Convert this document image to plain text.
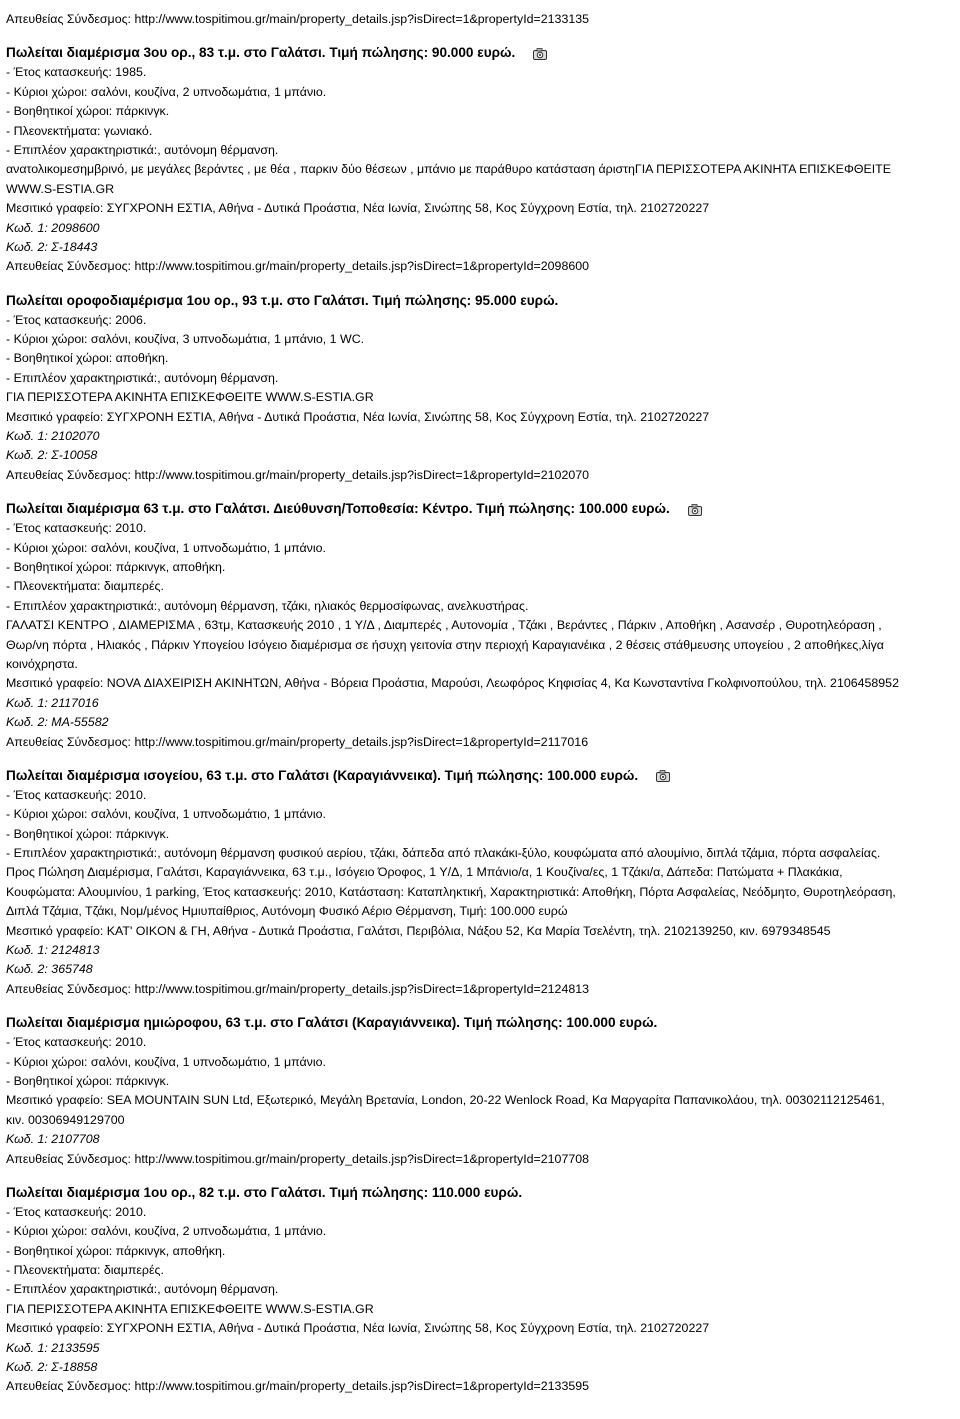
Απευθείας Σύνδεσμος: http://www.tospitimou.gr/main/property_details.jsp?isDirect=1&propertyId=2133135
Πωλείται διαμέρισμα 3ου ορ., 83 τ.μ. στο Γαλάτσι. Τιμή πώλησης: 90.000 ευρώ.
- Έτος κατασκευής: 1985.
- Κύριοι χώροι: σαλόνι, κουζίνα, 2 υπνοδωμάτια, 1 μπάνιο.
- Βοηθητικοί χώροι: πάρκινγκ.
- Πλεονεκτήματα: γωνιακό.
- Επιπλέον χαρακτηριστικά:, αυτόνομη θέρμανση.
ανατολικομεσημβρινό, με μεγάλες βεράντες , με θέα , παρκιν δύο θέσεων , μπάνιο με παράθυρο κατάσταση άριστηΓΙΑ ΠΕΡΙΣΣΟΤΕΡΑ ΑΚΙΝΗΤΑ ΕΠΙΣΚΕΦΘΕΙΤΕ
WWW.S-ESTIA.GR
Μεσιτικό γραφείο: ΣΥΓΧΡΟΝΗ ΕΣΤΙΑ, Αθήνα - Δυτικά Προάστια, Νέα Ιωνία, Σινώπης 58, Κος Σύγχρονη Εστία, τηλ. 2102720227
Κωδ. 1: 2098600
Κωδ. 2: Σ-18443
Απευθείας Σύνδεσμος: http://www.tospitimou.gr/main/property_details.jsp?isDirect=1&propertyId=2098600
Πωλείται οροφοδιαμέρισμα 1ου ορ., 93 τ.μ. στο Γαλάτσι. Τιμή πώλησης: 95.000 ευρώ.
- Έτος κατασκευής: 2006.
- Κύριοι χώροι: σαλόνι, κουζίνα, 3 υπνοδωμάτια, 1 μπάνιο, 1 WC.
- Βοηθητικοί χώροι: αποθήκη.
- Επιπλέον χαρακτηριστικά:, αυτόνομη θέρμανση.
ΓΙΑ ΠΕΡΙΣΣΟΤΕΡΑ ΑΚΙΝΗΤΑ ΕΠΙΣΚΕΦΘΕΙΤΕ WWW.S-ESTIA.GR
Μεσιτικό γραφείο: ΣΥΓΧΡΟΝΗ ΕΣΤΙΑ, Αθήνα - Δυτικά Προάστια, Νέα Ιωνία, Σινώπης 58, Κος Σύγχρονη Εστία, τηλ. 2102720227
Κωδ. 1: 2102070
Κωδ. 2: Σ-10058
Απευθείας Σύνδεσμος: http://www.tospitimou.gr/main/property_details.jsp?isDirect=1&propertyId=2102070
Πωλείται διαμέρισμα 63 τ.μ. στο Γαλάτσι. Διεύθυνση/Τοποθεσία: Κέντρο. Τιμή πώλησης: 100.000 ευρώ.
- Έτος κατασκευής: 2010.
- Κύριοι χώροι: σαλόνι, κουζίνα, 1 υπνοδωμάτιο, 1 μπάνιο.
- Βοηθητικοί χώροι: πάρκινγκ, αποθήκη.
- Πλεονεκτήματα: διαμπερές.
- Επιπλέον χαρακτηριστικά:, αυτόνομη θέρμανση, τζάκι, ηλιακός θερμοσίφωνας, ανελκυστήρας.
ΓΑΛΑΤΣΙ ΚΕΝΤΡΟ , ΔΙΑΜΕΡΙΣΜΑ , 63τμ, Κατασκευής 2010 , 1 Υ/Δ , Διαμπερές , Αυτονομία , Τζάκι , Βεράντες , Πάρκιν , Αποθήκη , Ασανσέρ , Θυροτηλεόραση ,
Θωρ/νη πόρτα , Ηλιακός , Πάρκιν Υπογείου Ισόγειο διαμέρισμα σε ήσυχη γειτονία στην περιοχή Καραγιανέικα , 2 θέσεις στάθμευσης υπογείου , 2 αποθήκες,λίγα
κοινόχρηστα.
Μεσιτικό γραφείο: NOVA ΔΙΑΧΕΙΡΙΣΗ ΑΚΙΝΗΤΩΝ, Αθήνα - Βόρεια Προάστια, Μαρούσι, Λεωφόρος Κηφισίας 4, Κα Κωνσταντίνα Γκολφινοπούλου, τηλ. 2106458952
Κωδ. 1: 2117016
Κωδ. 2: ΜΑ-55582
Απευθείας Σύνδεσμος: http://www.tospitimou.gr/main/property_details.jsp?isDirect=1&propertyId=2117016
Πωλείται διαμέρισμα ισογείου, 63 τ.μ. στο Γαλάτσι (Καραγιάννεικα). Τιμή πώλησης: 100.000 ευρώ.
- Έτος κατασκευής: 2010.
- Κύριοι χώροι: σαλόνι, κουζίνα, 1 υπνοδωμάτιο, 1 μπάνιο.
- Βοηθητικοί χώροι: πάρκινγκ.
- Επιπλέον χαρακτηριστικά:, αυτόνομη θέρμανση φυσικού αερίου, τζάκι, δάπεδα από πλακάκι-ξύλο, κουφώματα από αλουμίνιο, διπλά τζάμια, πόρτα ασφαλείας.
Προς Πώληση Διαμέρισμα, Γαλάτσι, Καραγιάννεικα, 63 τ.μ., Ισόγειο Όροφος, 1 Υ/Δ, 1 Μπάνιο/α, 1 Κουζίνα/ες, 1 Τζάκι/α, Δάπεδα: Πατώματα + Πλακάκια,
Κουφώματα: Αλουμινίου, 1 parking, Έτος κατασκευής: 2010, Κατάσταση: Καταπληκτική, Χαρακτηριστικά: Αποθήκη, Πόρτα Ασφαλείας, Νεόδμητο, Θυροτηλεόραση,
Διπλά Τζάμια, Τζάκι, Νομ/μένος Ημιυπαίθριος, Αυτόνομη Φυσικό Αέριο Θέρμανση, Τιμή: 100.000 ευρώ
Μεσιτικό γραφείο: KAT' OIKON & ΓΗ, Αθήνα - Δυτικά Προάστια, Γαλάτσι, Περιβόλια, Νάξου 52, Κα Μαρία Τσελέντη, τηλ. 2102139250, κιν. 6979348545
Κωδ. 1: 2124813
Κωδ. 2: 365748
Απευθείας Σύνδεσμος: http://www.tospitimou.gr/main/property_details.jsp?isDirect=1&propertyId=2124813
Πωλείται διαμέρισμα ημιώροφου, 63 τ.μ. στο Γαλάτσι (Καραγιάννεικα). Τιμή πώλησης: 100.000 ευρώ.
- Έτος κατασκευής: 2010.
- Κύριοι χώροι: σαλόνι, κουζίνα, 1 υπνοδωμάτιο, 1 μπάνιο.
- Βοηθητικοί χώροι: πάρκινγκ.
Μεσιτικό γραφείο: SEA MOUNTAIN SUN Ltd, Εξωτερικό, Μεγάλη Βρετανία, London, 20-22 Wenlock Road, Κα Μαργαρίτα Παπανικολάου, τηλ. 00302112125461,
κιν. 00306949129700
Κωδ. 1: 2107708
Απευθείας Σύνδεσμος: http://www.tospitimou.gr/main/property_details.jsp?isDirect=1&propertyId=2107708
Πωλείται διαμέρισμα 1ου ορ., 82 τ.μ. στο Γαλάτσι. Τιμή πώλησης: 110.000 ευρώ.
- Έτος κατασκευής: 2010.
- Κύριοι χώροι: σαλόνι, κουζίνα, 2 υπνοδωμάτια, 1 μπάνιο.
- Βοηθητικοί χώροι: πάρκινγκ, αποθήκη.
- Πλεονεκτήματα: διαμπερές.
- Επιπλέον χαρακτηριστικά:, αυτόνομη θέρμανση.
ΓΙΑ ΠΕΡΙΣΣΟΤΕΡΑ ΑΚΙΝΗΤΑ ΕΠΙΣΚΕΦΘΕΙΤΕ WWW.S-ESTIA.GR
Μεσιτικό γραφείο: ΣΥΓΧΡΟΝΗ ΕΣΤΙΑ, Αθήνα - Δυτικά Προάστια, Νέα Ιωνία, Σινώπης 58, Κος Σύγχρονη Εστία, τηλ. 2102720227
Κωδ. 1: 2133595
Κωδ. 2: Σ-18858
Απευθείας Σύνδεσμος: http://www.tospitimou.gr/main/property_details.jsp?isDirect=1&propertyId=2133595
